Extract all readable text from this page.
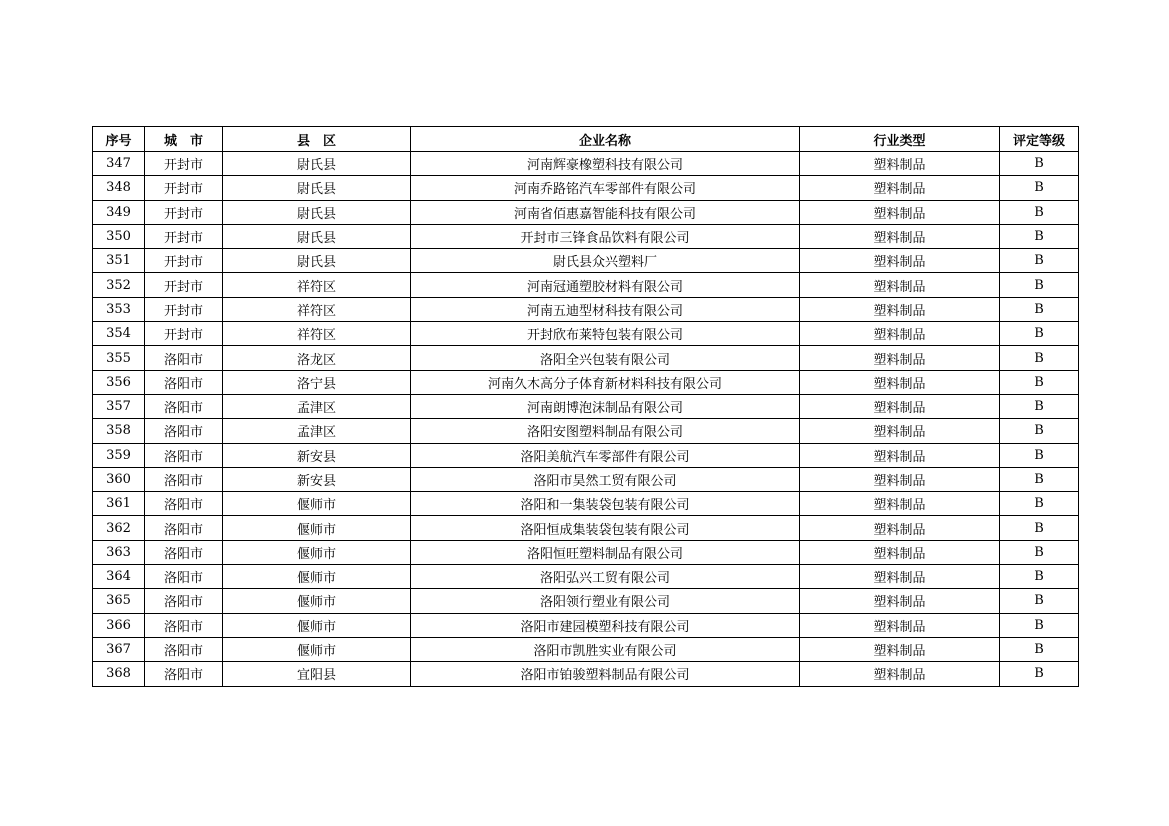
序号	城　市	县　区	企业名称	行业类型	评定等级
347	开封市	尉氏县	河南辉豪橡塑科技有限公司	塑料制品	B
348	开封市	尉氏县	河南乔路铭汽车零部件有限公司	塑料制品	B
349	开封市	尉氏县	河南省佰惠嘉智能科技有限公司	塑料制品	B
350	开封市	尉氏县	开封市三锋食品饮料有限公司	塑料制品	B
351	开封市	尉氏县	尉氏县众兴塑料厂	塑料制品	B
352	开封市	祥符区	河南冠通塑胶材料有限公司	塑料制品	B
353	开封市	祥符区	河南五迪型材科技有限公司	塑料制品	B
354	开封市	祥符区	开封欣布莱特包装有限公司	塑料制品	B
355	洛阳市	洛龙区	洛阳全兴包装有限公司	塑料制品	B
356	洛阳市	洛宁县	河南久木高分子体育新材料科技有限公司	塑料制品	B
357	洛阳市	孟津区	河南朗博泡沫制品有限公司	塑料制品	B
358	洛阳市	孟津区	洛阳安图塑料制品有限公司	塑料制品	B
359	洛阳市	新安县	洛阳美航汽车零部件有限公司	塑料制品	B
360	洛阳市	新安县	洛阳市昊然工贸有限公司	塑料制品	B
361	洛阳市	偃师市	洛阳和一集装袋包装有限公司	塑料制品	B
362	洛阳市	偃师市	洛阳恒成集装袋包装有限公司	塑料制品	B
363	洛阳市	偃师市	洛阳恒旺塑料制品有限公司	塑料制品	B
364	洛阳市	偃师市	洛阳弘兴工贸有限公司	塑料制品	B
365	洛阳市	偃师市	洛阳领行塑业有限公司	塑料制品	B
366	洛阳市	偃师市	洛阳市建园模塑科技有限公司	塑料制品	B
367	洛阳市	偃师市	洛阳市凯胜实业有限公司	塑料制品	B
368	洛阳市	宜阳县	洛阳市铂骏塑料制品有限公司	塑料制品	B
